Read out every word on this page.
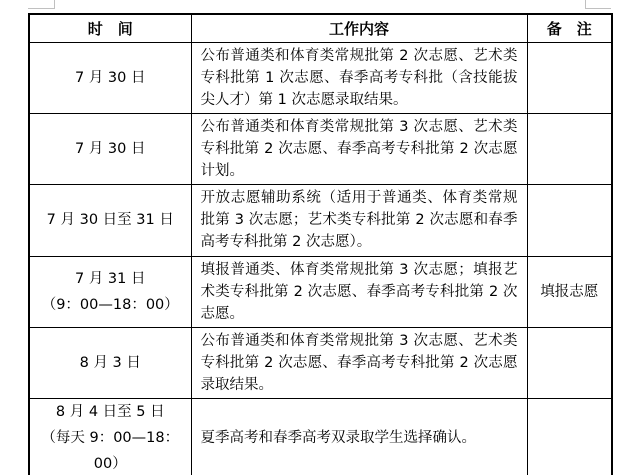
时　间	工作内容	备　注

7 月 30 日	公布普通类和体育类常规批第 2 次志愿、艺术类专科批第 1 次志愿、春季高考专科批（含技能拔尖人才）第 1 次志愿录取结果。	

7 月 30 日	公布普通类和体育类常规批第 3 次志愿、艺术类专科批第 2 次志愿、春季高考专科批第 2 次志愿计划。	

7 月 30 日至 31 日	开放志愿辅助系统（适用于普通类、体育类常规批第 3 次志愿；艺术类专科批第 2 次志愿和春季高考专科批第 2 次志愿）。	

7 月 31 日
（9：00—18：00）	填报普通类、体育类常规批第 3 次志愿；填报艺术类专科批第 2 次志愿、春季高考专科批第 2 次志愿。	填报志愿

8 月 3 日	公布普通类和体育类常规批第 3 次志愿、艺术类专科批第 2 次志愿、春季高考专科批第 2 次志愿录取结果。	

8 月 4 日至 5 日
（每天 9：00—18：00）	夏季高考和春季高考双录取学生选择确认。	
